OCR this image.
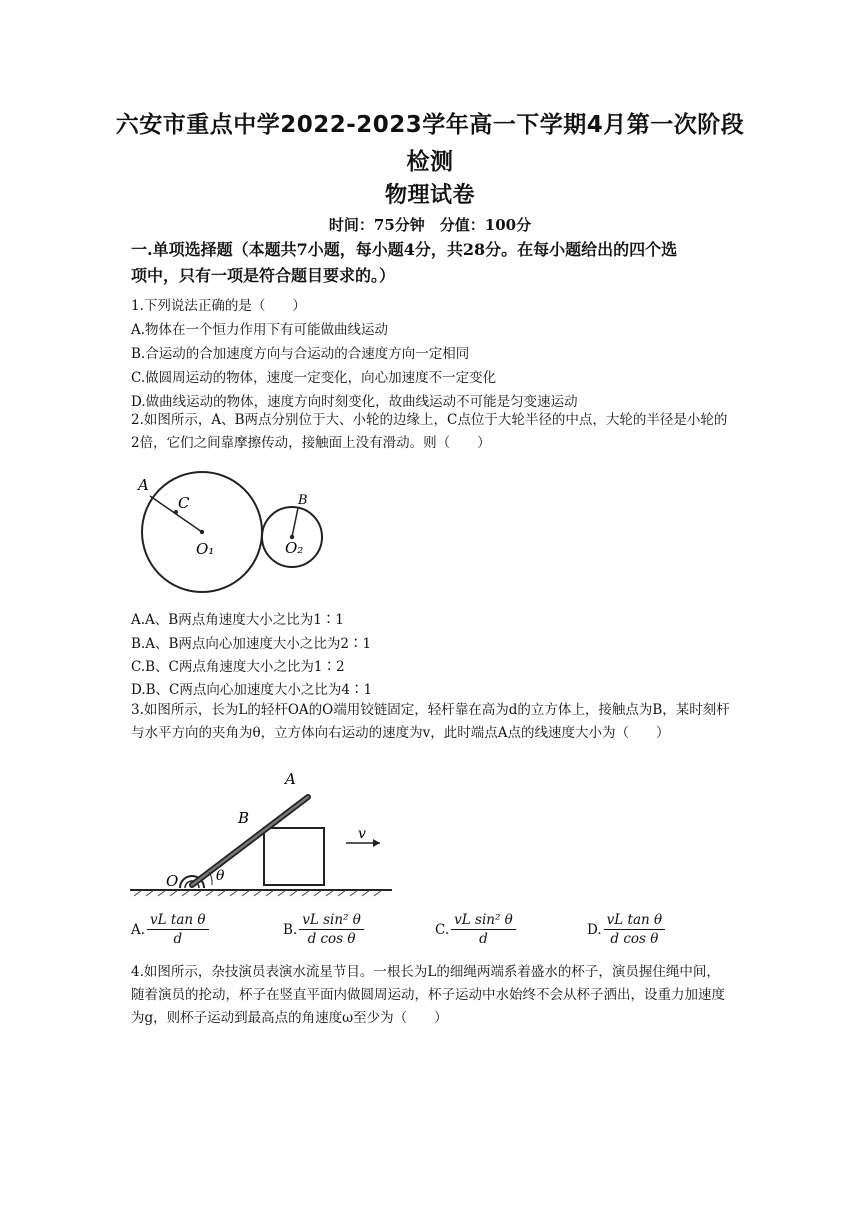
六安市重点中学2022-2023学年高一下学期4月第一次阶段
检测
物理试卷
时间：75分钟　分值：100分
一.单项选择题（本题共7小题，每小题4分，共28分。在每小题给出的四个选
项中，只有一项是符合题目要求的。）
1.下列说法正确的是（　　）
A.物体在一个恒力作用下有可能做曲线运动
B.合运动的合加速度方向与合运动的合速度方向一定相同
C.做圆周运动的物体，速度一定变化，向心加速度不一定变化
D.做曲线运动的物体，速度方向时刻变化，故曲线运动不可能是匀变速运动
2.如图所示，A、B两点分别位于大、小轮的边缘上，C点位于大轮半径的中点，大轮的半径是小轮的2倍，它们之间靠摩擦传动，接触面上没有滑动。则（　　）
A
C
O₁
B
O₂
A.A、B两点角速度大小之比为1∶1
B.A、B两点向心加速度大小之比为2∶1
C.B、C两点角速度大小之比为1∶2
D.B、C两点向心加速度大小之比为4∶1
3.如图所示，长为L的轻杆OA的O端用铰链固定，轻杆靠在高为d的立方体上，接触点为B，某时刻杆与水平方向的夹角为θ，立方体向右运动的速度为v，此时端点A点的线速度大小为（　　）
A
B
O	θ
v
A. $\frac{\text{vL tan θ}}{d}$	B. $\frac{\text{vL sin² θ}}{\text{d cos θ}}$	C. $\frac{\text{vL sin² θ}}{d}$	D. $\frac{\text{vL tan θ}}{\text{d cos θ}}$
4.如图所示，杂技演员表演水流星节目。一根长为L的细绳两端系着盛水的杯子，演员握住绳中间，随着演员的抡动，杯子在竖直平面内做圆周运动，杯子运动中水始终不会从杯子洒出，设重力加速度为g，则杯子运动到最高点的角速度ω至少为（　　）
